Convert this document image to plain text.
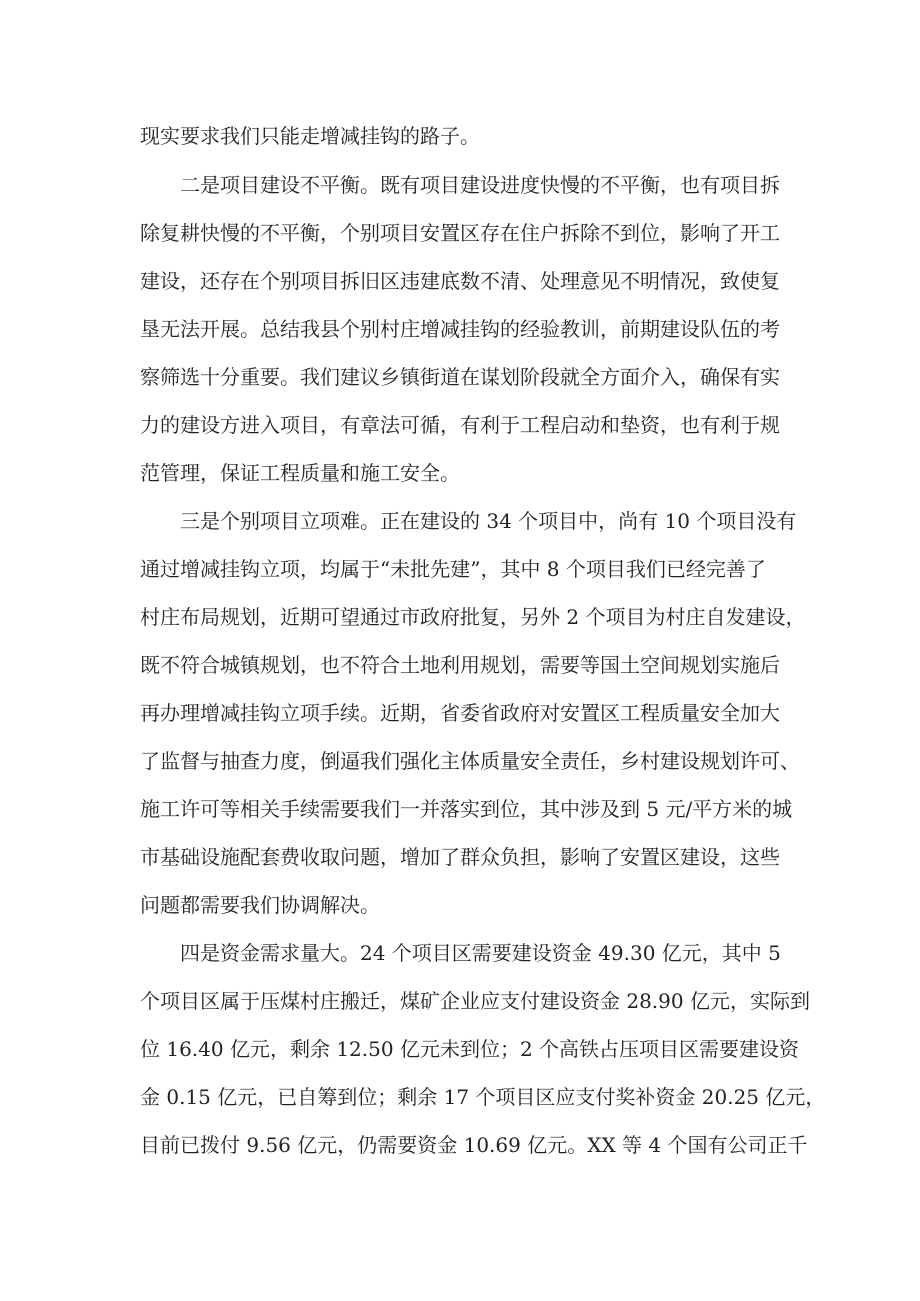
现实要求我们只能走增减挂钩的路子。
二是项目建设不平衡。既有项目建设进度快慢的不平衡，也有项目拆
除复耕快慢的不平衡，个别项目安置区存在住户拆除不到位，影响了开工
建设，还存在个别项目拆旧区违建底数不清、处理意见不明情况，致使复
垦无法开展。总结我县个别村庄增减挂钩的经验教训，前期建设队伍的考
察筛选十分重要。我们建议乡镇街道在谋划阶段就全方面介入，确保有实
力的建设方进入项目，有章法可循，有利于工程启动和垫资，也有利于规
范管理，保证工程质量和施工安全。
三是个别项目立项难。正在建设的 34 个项目中，尚有 10 个项目没有
通过增减挂钩立项，均属于“未批先建”，其中 8 个项目我们已经完善了
村庄布局规划，近期可望通过市政府批复，另外 2 个项目为村庄自发建设，
既不符合城镇规划，也不符合土地利用规划，需要等国土空间规划实施后
再办理增减挂钩立项手续。近期，省委省政府对安置区工程质量安全加大
了监督与抽查力度，倒逼我们强化主体质量安全责任，乡村建设规划许可、
施工许可等相关手续需要我们一并落实到位，其中涉及到 5 元/平方米的城
市基础设施配套费收取问题，增加了群众负担，影响了安置区建设，这些
问题都需要我们协调解决。
四是资金需求量大。24 个项目区需要建设资金 49.30 亿元，其中 5
个项目区属于压煤村庄搬迁，煤矿企业应支付建设资金 28.90 亿元，实际到
位 16.40 亿元，剩余 12.50 亿元未到位；2 个高铁占压项目区需要建设资
金 0.15 亿元，已自筹到位；剩余 17 个项目区应支付奖补资金 20.25 亿元，
目前已拨付 9.56 亿元，仍需要资金 10.69 亿元。XX 等 4 个国有公司正千
